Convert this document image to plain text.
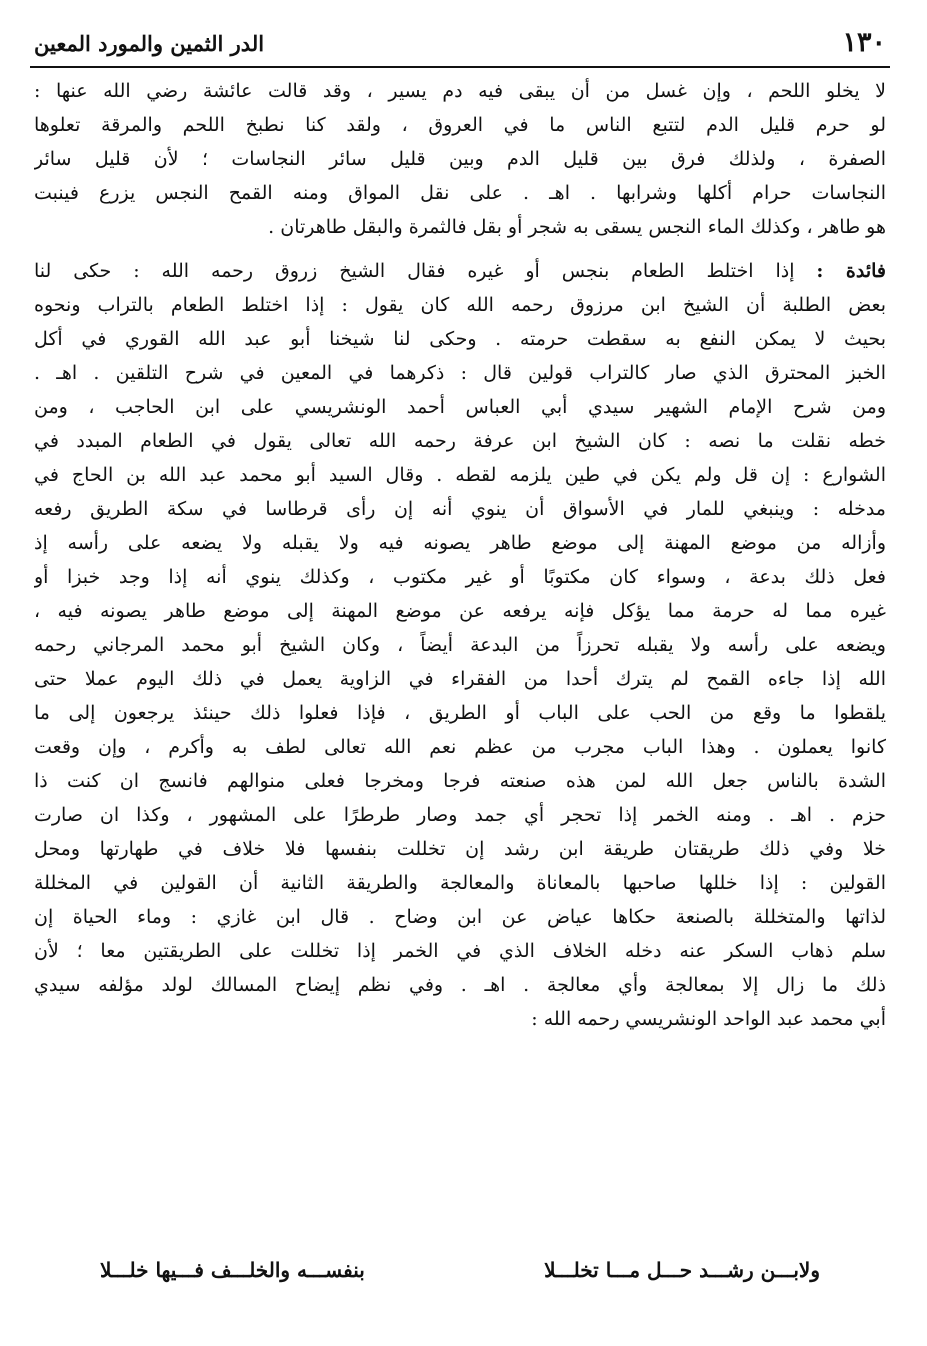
١٣٠
الدر الثمين والمورد المعين
لا يخلو اللحم ، وإن غسل من أن يبقى فيه دم يسير ، وقد قالت عائشة رضي الله عنها :
لو حرم قليل الدم لتتبع الناس ما في العروق ، ولقد كنا نطبخ اللحم والمرقة تعلوها
الصفرة ، ولذلك فرق بين قليل الدم وبين قليل سائر النجاسات ؛ لأن قليل سائر
النجاسات حرام أكلها وشرابها . اهـ . على نقل المواق ومنه القمح النجس يزرع فينبت
هو طاهر ، وكذلك الماء النجس يسقى به شجر أو بقل فالثمرة والبقل طاهرتان .
فائدة : إذا اختلط الطعام بنجس أو غيره فقال الشيخ زروق رحمه الله : حكى لنا
بعض الطلبة أن الشيخ ابن مرزوق رحمه الله كان يقول : إذا اختلط الطعام بالتراب ونحوه
بحيث لا يمكن النفع به سقطت حرمته . وحكى لنا شيخنا أبو عبد الله القوري في أكل
الخبز المحترق الذي صار كالتراب قولين قال : ذكرهما في المعين في شرح التلقين . اهـ .
ومن شرح الإمام الشهير سيدي أبي العباس أحمد الونشريسي على ابن الحاجب ، ومن
خطه نقلت ما نصه : كان الشيخ ابن عرفة رحمه الله تعالى يقول في الطعام المبدد في
الشوارع : إن قل ولم يكن في طين يلزمه لقطه . وقال السيد أبو محمد عبد الله بن الحاج في
مدخله : وينبغي للمار في الأسواق أن ينوي أنه إن رأى قرطاسا في سكة الطريق رفعه
وأزاله من موضع المهنة إلى موضع طاهر يصونه فيه ولا يقبله ولا يضعه على رأسه إذ
فعل ذلك بدعة ، وسواء كان مكتوبًا أو غير مكتوب ، وكذلك ينوي أنه إذا وجد خبزا أو
غيره مما له حرمة مما يؤكل فإنه يرفعه عن موضع المهنة إلى موضع طاهر يصونه فيه ،
ويضعه على رأسه ولا يقبله تحرزاً من البدعة أيضاً ، وكان الشيخ أبو محمد المرجاني رحمه
الله إذا جاءه القمح لم يترك أحدا من الفقراء في الزاوية يعمل في ذلك اليوم عملا حتى
يلقطوا ما وقع من الحب على الباب أو الطريق ، فإذا فعلوا ذلك حينئذ يرجعون إلى ما
كانوا يعملون . وهذا الباب مجرب من عظم نعم الله تعالى لطف به وأكرم ، وإن وقعت
الشدة بالناس جعل الله لمن هذه صنعته فرجا ومخرجا فعلى منوالهم فانسج ان كنت ذا
حزم . اهـ . ومنه الخمر إذا تحجر أي جمد وصار طرطرًا على المشهور ، وكذا ان صارت
خلا وفي ذلك طريقتان طريقة ابن رشد إن تخللت بنفسها فلا خلاف في طهارتها ومحل
القولين : إذا خللها صاحبها بالمعاناة والمعالجة والطريقة الثانية أن القولين في المخللة
لذاتها والمتخللة بالصنعة حكاها عياض عن ابن وضاح . قال ابن غازي : وماء الحياة إن
سلم ذهاب السكر عنه دخله الخلاف الذي في الخمر إذا تخللت على الطريقتين معا ؛ لأن
ذلك ما زال إلا بمعالجة وأي معالجة . اهـ . وفي نظم إيضاح المسالك لولد مؤلفه سيدي
أبي محمد عبد الواحد الونشريسي رحمه الله :
ولابـــن رشـــد حـــل مـــا تخلـــلا
بنفســـه والخلـــف فـــيها خلـــلا
